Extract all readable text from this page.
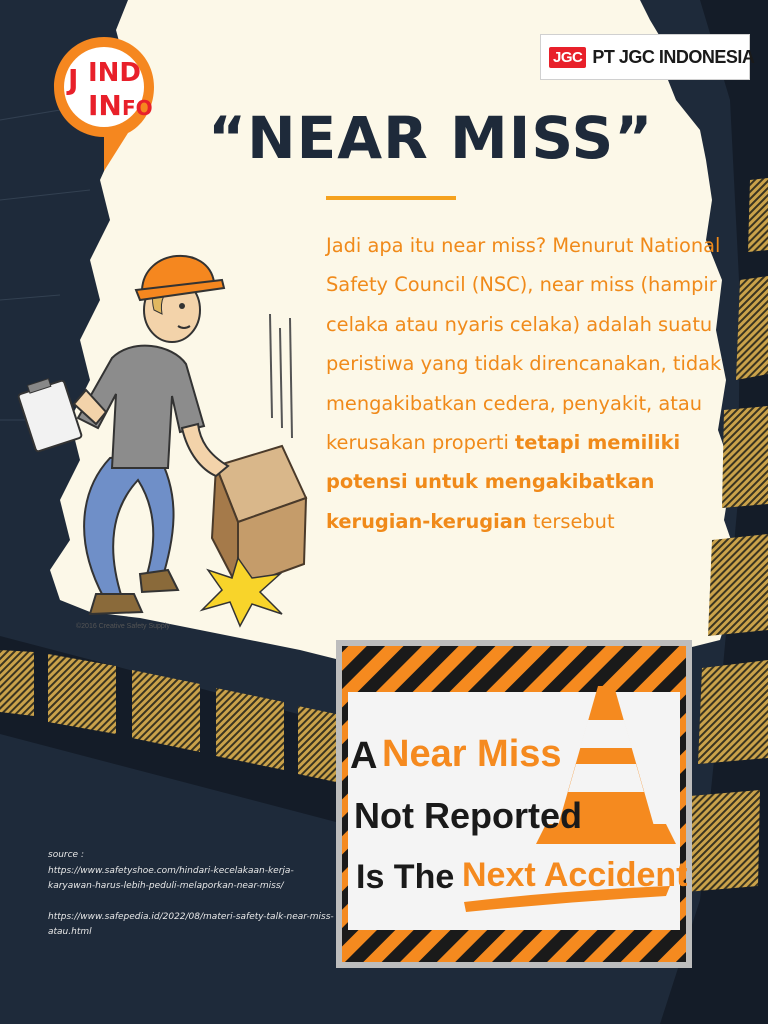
J IND
IN FO
JGC PT JGC INDONESIA
“NEAR MISS”
©2016 Creative Safety Supply
Jadi apa itu near miss? Menurut National Safety Council (NSC), near miss (hampir celaka atau nyaris celaka) adalah suatu peristiwa yang tidak direncanakan, tidak mengakibatkan cedera, penyakit, atau kerusakan properti tetapi memiliki potensi untuk mengakibatkan kerugian-kerugian tersebut
A Near Miss
Not Reported
Is The Next Accident
source :
https://www.safetyshoe.com/hindari-kecelakaan-kerja-karyawan-harus-lebih-peduli-melaporkan-near-miss/
https://www.safepedia.id/2022/08/materi-safety-talk-near-miss-atau.html
